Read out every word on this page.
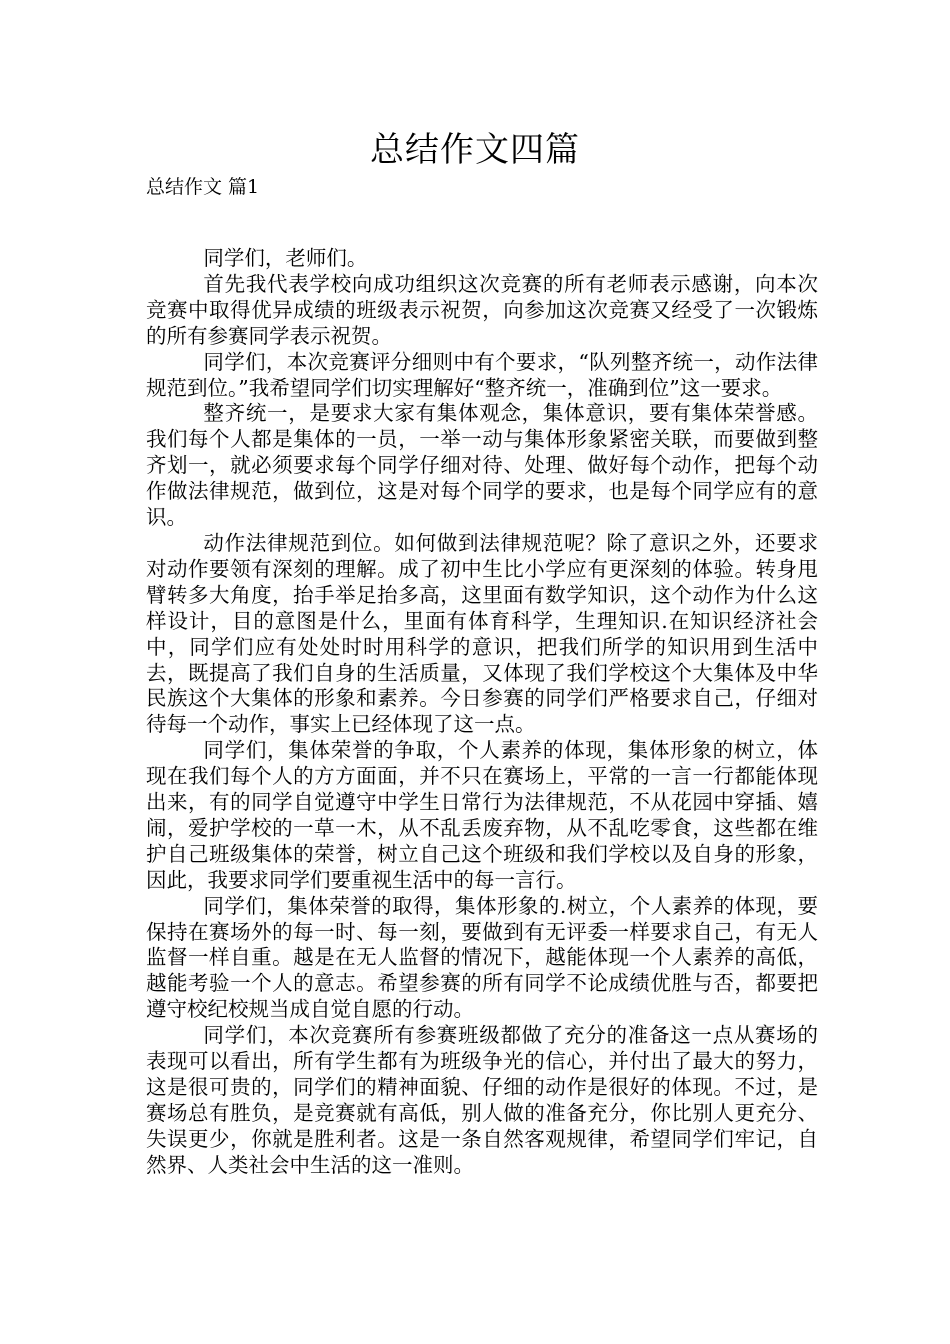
总结作文四篇
总结作文 篇1

同学们，老师们。

首先我代表学校向成功组织这次竞赛的所有老师表示感谢，向本次竞赛中取得优异成绩的班级表示祝贺，向参加这次竞赛又经受了一次锻炼的所有参赛同学表示祝贺。

同学们，本次竞赛评分细则中有个要求，“队列整齐统一，动作法律规范到位。”我希望同学们切实理解好“整齐统一，准确到位”这一要求。

整齐统一，是要求大家有集体观念，集体意识，要有集体荣誉感。我们每个人都是集体的一员，一举一动与集体形象紧密关联，而要做到整齐划一，就必须要求每个同学仔细对待、处理、做好每个动作，把每个动作做法律规范，做到位，这是对每个同学的要求，也是每个同学应有的意识。

动作法律规范到位。如何做到法律规范呢？除了意识之外，还要求对动作要领有深刻的理解。成了初中生比小学应有更深刻的体验。转身甩臂转多大角度，抬手举足抬多高，这里面有数学知识，这个动作为什么这样设计，目的意图是什么，里面有体育科学，生理知识.在知识经济社会中，同学们应有处处时时用科学的意识，把我们所学的知识用到生活中去，既提高了我们自身的生活质量，又体现了我们学校这个大集体及中华民族这个大集体的形象和素养。今日参赛的同学们严格要求自己，仔细对待每一个动作，事实上已经体现了这一点。

同学们，集体荣誉的争取，个人素养的体现，集体形象的树立，体现在我们每个人的方方面面，并不只在赛场上，平常的一言一行都能体现出来，有的同学自觉遵守中学生日常行为法律规范，不从花园中穿插、嬉闹，爱护学校的一草一木，从不乱丢废弃物，从不乱吃零食，这些都在维护自己班级集体的荣誉，树立自己这个班级和我们学校以及自身的形象，因此，我要求同学们要重视生活中的每一言行。

同学们，集体荣誉的取得，集体形象的.树立，个人素养的体现，要保持在赛场外的每一时、每一刻，要做到有无评委一样要求自己，有无人监督一样自重。越是在无人监督的情况下，越能体现一个人素养的高低，越能考验一个人的意志。希望参赛的所有同学不论成绩优胜与否，都要把遵守校纪校规当成自觉自愿的行动。

同学们，本次竞赛所有参赛班级都做了充分的准备这一点从赛场的表现可以看出，所有学生都有为班级争光的信心，并付出了最大的努力，这是很可贵的，同学们的精神面貌、仔细的动作是很好的体现。不过，是赛场总有胜负，是竞赛就有高低，别人做的准备充分，你比别人更充分、失误更少，你就是胜利者。这是一条自然客观规律，希望同学们牢记，自然界、人类社会中生活的这一准则。
